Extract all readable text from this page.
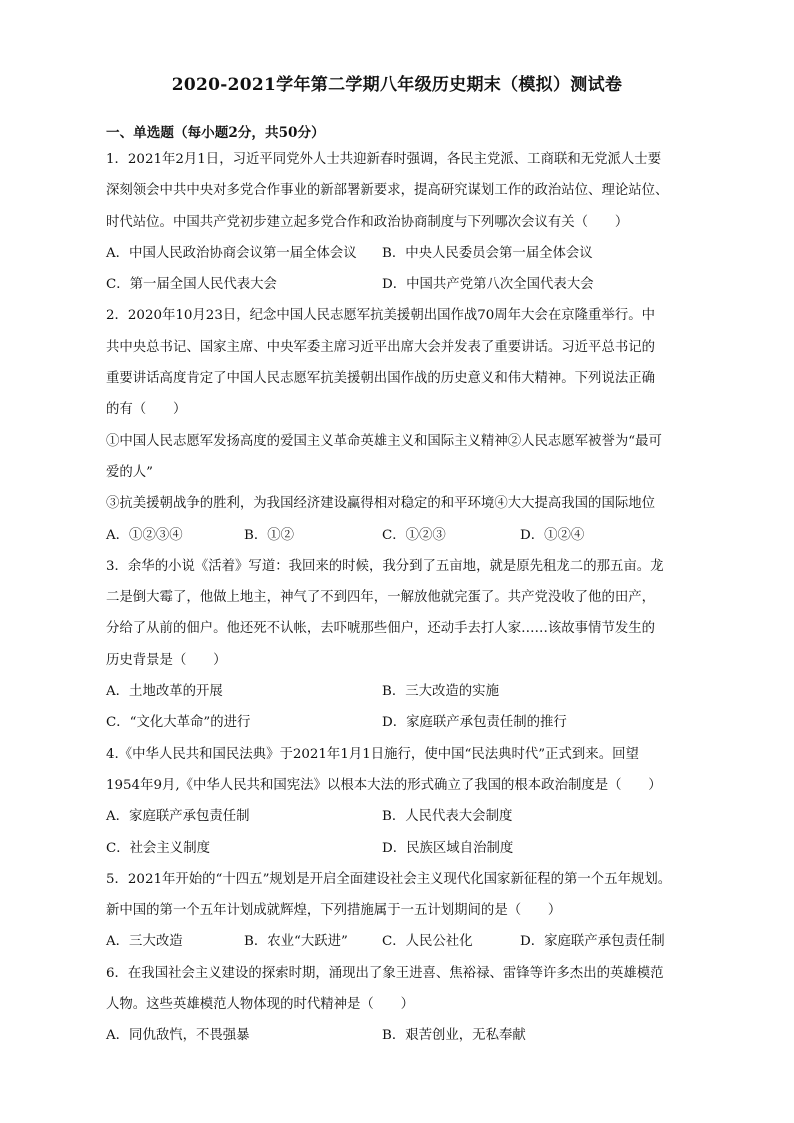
2020-2021学年第二学期八年级历史期末（模拟）测试卷
一、单选题（每小题2分，共50分）
1．2021年2月1日，习近平同党外人士共迎新春时强调，各民主党派、工商联和无党派人士要
深刻领会中共中央对多党合作事业的新部署新要求，提高研究谋划工作的政治站位、理论站位、
时代站位。中国共产党初步建立起多党合作和政治协商制度与下列哪次会议有关（　　）
A．中国人民政治协商会议第一届全体会议	B．中央人民委员会第一届全体会议
C．第一届全国人民代表大会	D．中国共产党第八次全国代表大会
2．2020年10月23日，纪念中国人民志愿军抗美援朝出国作战70周年大会在京隆重举行。中
共中央总书记、国家主席、中央军委主席习近平出席大会并发表了重要讲话。习近平总书记的
重要讲话高度肯定了中国人民志愿军抗美援朝出国作战的历史意义和伟大精神。下列说法正确
的有（　　）
①中国人民志愿军发扬高度的爱国主义革命英雄主义和国际主义精神②人民志愿军被誉为“最可
爱的人”
③抗美援朝战争的胜利，为我国经济建设赢得相对稳定的和平环境④大大提高我国的国际地位
A．①②③④	B．①②	C．①②③	D．①②④
3．余华的小说《活着》写道：我回来的时候，我分到了五亩地，就是原先租龙二的那五亩。龙
二是倒大霉了，他做上地主，神气了不到四年，一解放他就完蛋了。共产党没收了他的田产，
分给了从前的佃户。他还死不认帐，去吓唬那些佃户，还动手去打人家……该故事情节发生的
历史背景是（　　）
A．土地改革的开展	B．三大改造的实施
C．“文化大革命”的进行	D．家庭联产承包责任制的推行
4.《中华人民共和国民法典》于2021年1月1日施行，使中国“民法典时代”正式到来。回望
1954年9月,《中华人民共和国宪法》以根本大法的形式确立了我国的根本政治制度是（　　）
A．家庭联产承包责任制	B．人民代表大会制度
C．社会主义制度	D．民族区域自治制度
5．2021年开始的“十四五”规划是开启全面建设社会主义现代化国家新征程的第一个五年规划。
新中国的第一个五年计划成就辉煌，下列措施属于一五计划期间的是（　　）
A．三大改造	B．农业“大跃进”	C．人民公社化	D．家庭联产承包责任制
6．在我国社会主义建设的探索时期，涌现出了象王进喜、焦裕禄、雷锋等许多杰出的英雄模范
人物。这些英雄模范人物体现的时代精神是（　　）
A．同仇敌忾，不畏强暴	B．艰苦创业，无私奉献
